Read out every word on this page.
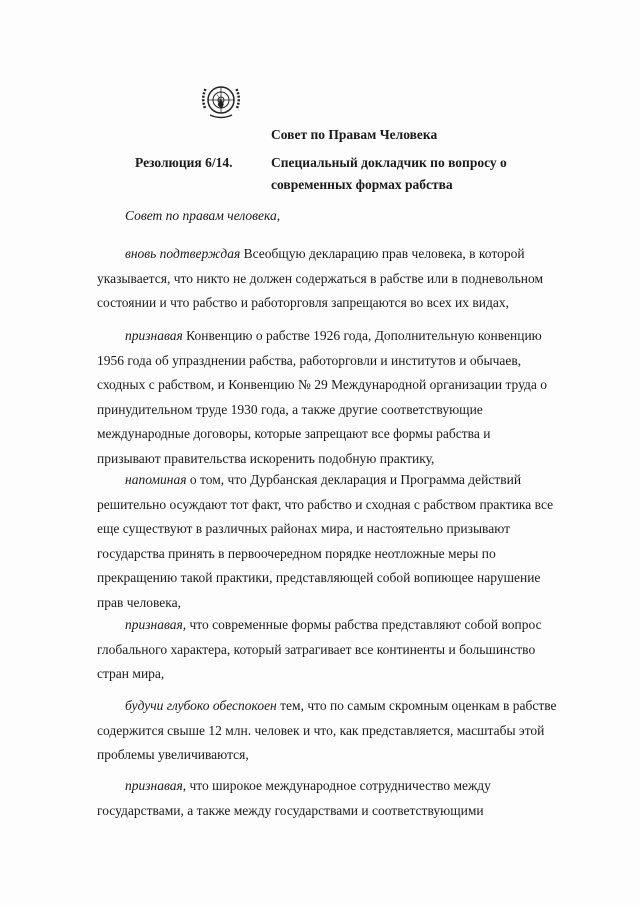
Совет по Правам Человека
Резолюция 6/14.	Специальный докладчик по вопросу о
современных формах рабства
Совет по правам человека,

вновь подтверждая Всеобщую декларацию прав человека, в которой указывается, что никто не должен содержаться в рабстве или в подневольном состоянии и что рабство и работорговля запрещаются во всех их видах,

признавая Конвенцию о рабстве 1926 года, Дополнительную конвенцию 1956 года об упразднении рабства, работорговли и институтов и обычаев, сходных с рабством, и Конвенцию № 29 Международной организации труда о принудительном труде 1930 года, а также другие соответствующие международные договоры, которые запрещают все формы рабства и призывают правительства искоренить подобную практику,

напоминая о том, что Дурбанская декларация и Программа действий решительно осуждают тот факт, что рабство и сходная с рабством практика все еще существуют в различных районах мира, и настоятельно призывают государства принять в первоочередном порядке неотложные меры по прекращению такой практики, представляющей собой вопиющее нарушение прав человека,

признавая, что современные формы рабства представляют собой вопрос глобального характера, который затрагивает все континенты и большинство стран мира,

будучи глубоко обеспокоен тем, что по самым скромным оценкам в рабстве содержится свыше 12 млн. человек и что, как представляется, масштабы этой проблемы увеличиваются,

признавая, что широкое международное сотрудничество между государствами, а также между государствами и соответствующими
